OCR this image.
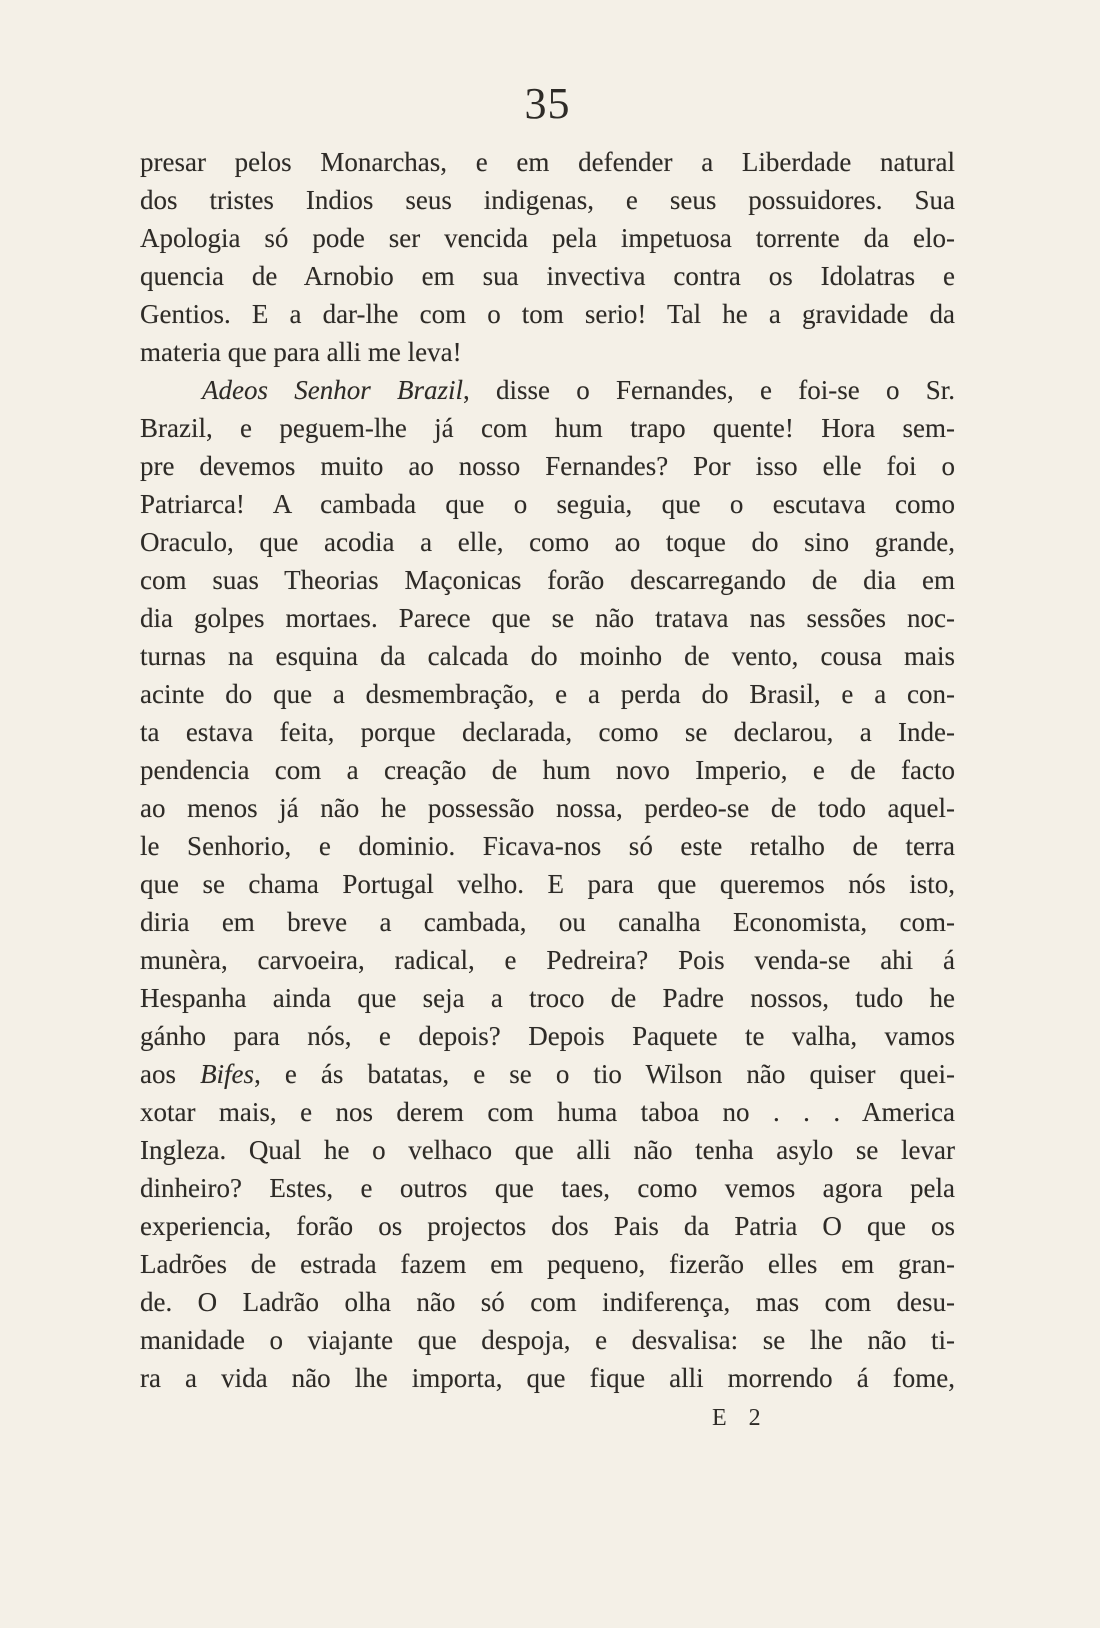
35
presar pelos Monarchas, e em defender a Liberdade natural
dos tristes Indios seus indigenas, e seus possuidores. Sua
Apologia só pode ser vencida pela impetuosa torrente da elo-
quencia de Arnobio em sua invectiva contra os Idolatras e
Gentios. E a dar-lhe com o tom serio! Tal he a gravidade da
materia que para alli me leva!
Adeos Senhor Brazil, disse o Fernandes, e foi-se o Sr.
Brazil, e peguem-lhe já com hum trapo quente! Hora sem-
pre devemos muito ao nosso Fernandes? Por isso elle foi o
Patriarca! A cambada que o seguia, que o escutava como
Oraculo, que acodia a elle, como ao toque do sino grande,
com suas Theorias Maçonicas forão descarregando de dia em
dia golpes mortaes. Parece que se não tratava nas sessões noc-
turnas na esquina da calcada do moinho de vento, cousa mais
acinte do que a desmembração, e a perda do Brasil, e a con-
ta estava feita, porque declarada, como se declarou, a Inde-
pendencia com a creação de hum novo Imperio, e de facto
ao menos já não he possessão nossa, perdeo-se de todo aquel-
le Senhorio, e dominio. Ficava-nos só este retalho de terra
que se chama Portugal velho. E para que queremos nós isto,
diria em breve a cambada, ou canalha Economista, com-
munèra, carvoeira, radical, e Pedreira? Pois venda-se ahi á
Hespanha ainda que seja a troco de Padre nossos, tudo he
gánho para nós, e depois? Depois Paquete te valha, vamos
aos Bifes, e ás batatas, e se o tio Wilson não quiser quei-
xotar mais, e nos derem com huma taboa no . . . America
Ingleza. Qual he o velhaco que alli não tenha asylo se levar
dinheiro? Estes, e outros que taes, como vemos agora pela
experiencia, forão os projectos dos Pais da Patria O que os
Ladrões de estrada fazem em pequeno, fizerão elles em gran-
de. O Ladrão olha não só com indiferença, mas com desu-
manidade o viajante que despoja, e desvalisa: se lhe não ti-
ra a vida não lhe importa, que fique alli morrendo á fome,
E 2
